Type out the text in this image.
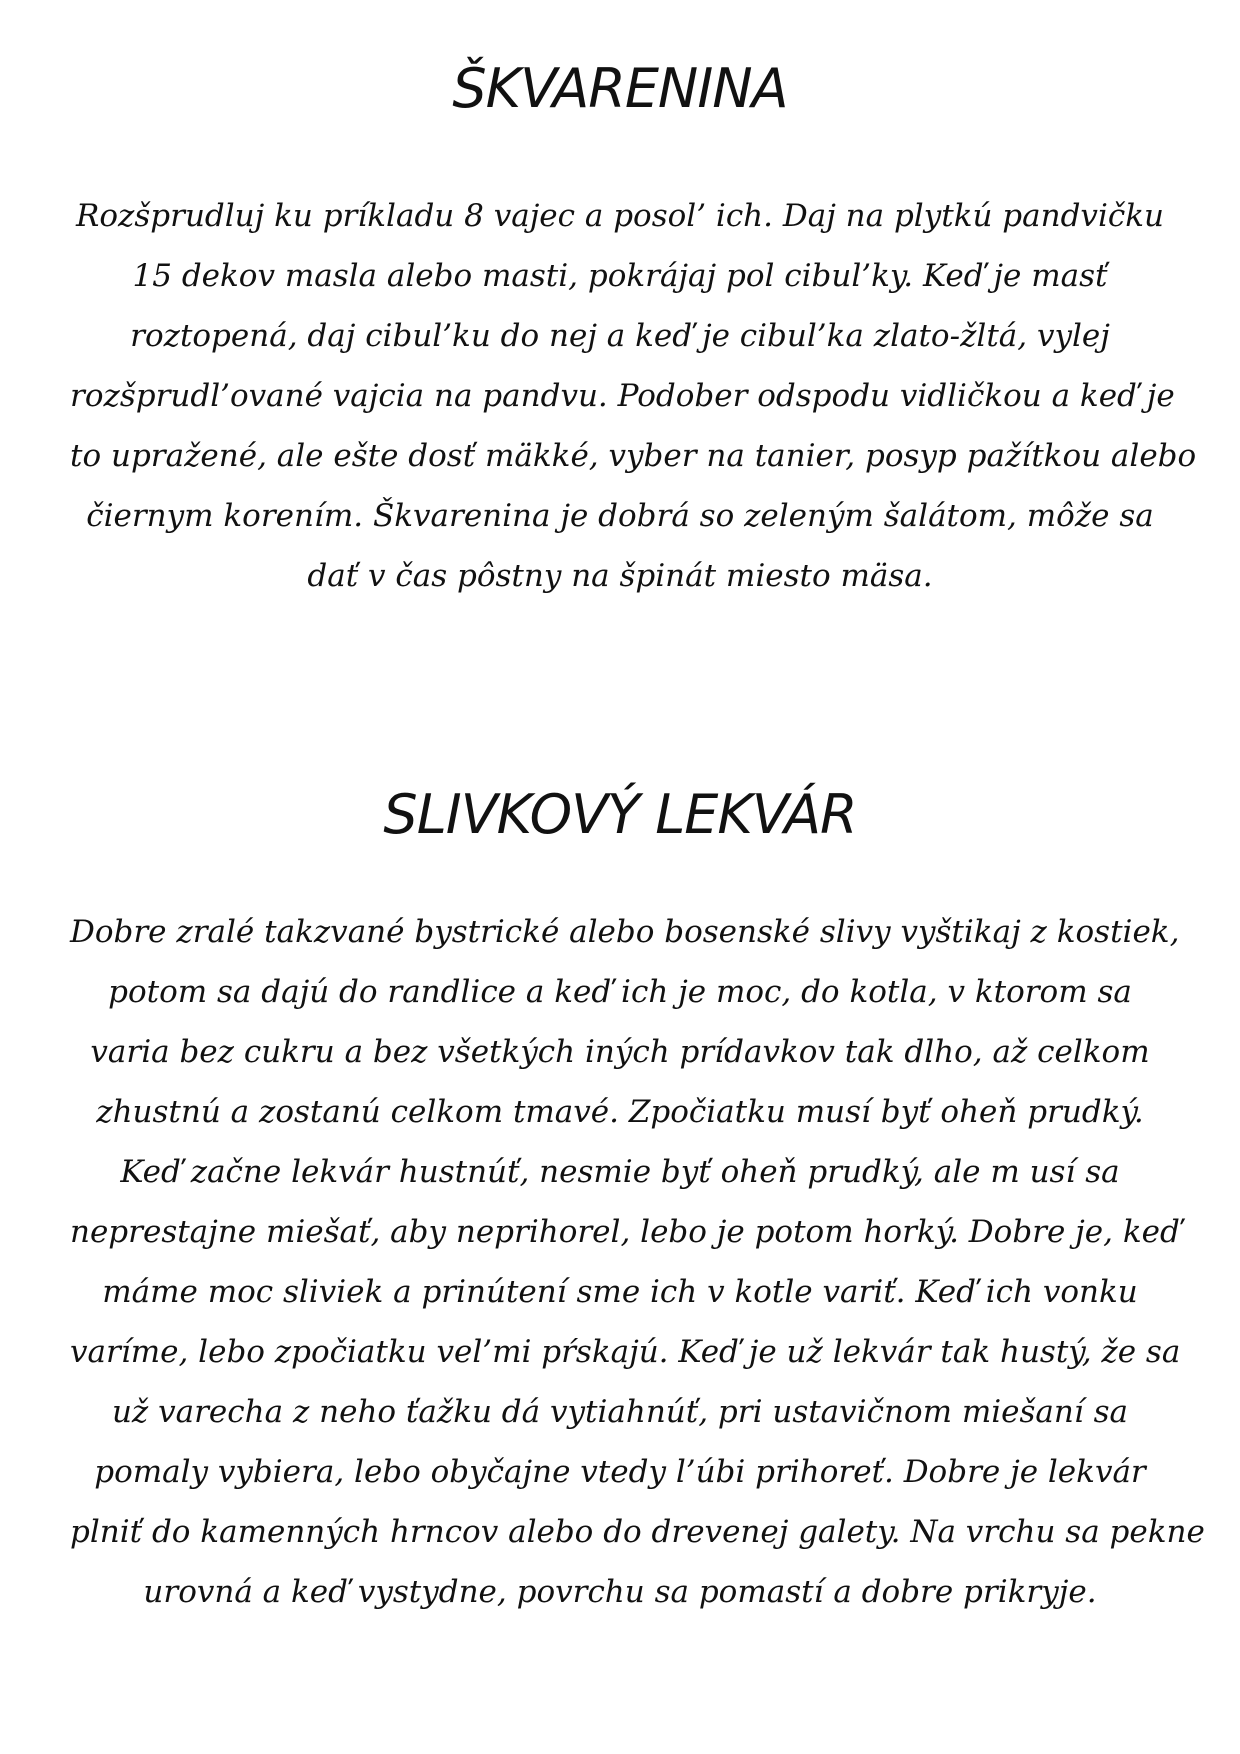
ŠKVARENINA

Rozšprudluj ku príkladu 8 vajec a posol’ ich. Daj na plytkú pandvičku
15 dekov masla alebo masti, pokrájaj pol cibul’ky. Keď je masť
roztopená, daj cibul’ku do nej a keď je cibul’ka zlato-žltá, vylej
rozšprudl’ované vajcia na pandvu. Podober odspodu vidličkou a keď je
to upražené, ale ešte dosť mäkké, vyber na tanier, posyp pažítkou alebo
čiernym korením. Škvarenina je dobrá so zeleným šalátom, môže sa
dať v čas pôstny na špinát miesto mäsa.

SLIVKOVÝ LEKVÁR

Dobre zralé takzvané bystrické alebo bosenské slivy vyštikaj z kostiek,
potom sa dajú do randlice a keď ich je moc, do kotla, v ktorom sa
varia bez cukru a bez všetkých iných prídavkov tak dlho, až celkom
zhustnú a zostanú celkom tmavé. Zpočiatku musí byť oheň prudký.
Keď začne lekvár hustnúť, nesmie byť oheň prudký, ale m usí sa
neprestajne miešať, aby neprihorel, lebo je potom horký. Dobre je, keď
máme moc sliviek a prinútení sme ich v kotle variť. Keď ich vonku
varíme, lebo zpočiatku vel’mi pŕskajú. Keď je už lekvár tak hustý, že sa
už varecha z neho ťažku dá vytiahnúť, pri ustavičnom miešaní sa
pomaly vybiera, lebo obyčajne vtedy l’úbi prihoreť. Dobre je lekvár
plniť do kamenných hrncov alebo do drevenej galety. Na vrchu sa pekne
urovná a keď vystydne, povrchu sa pomastí a dobre prikryje.
